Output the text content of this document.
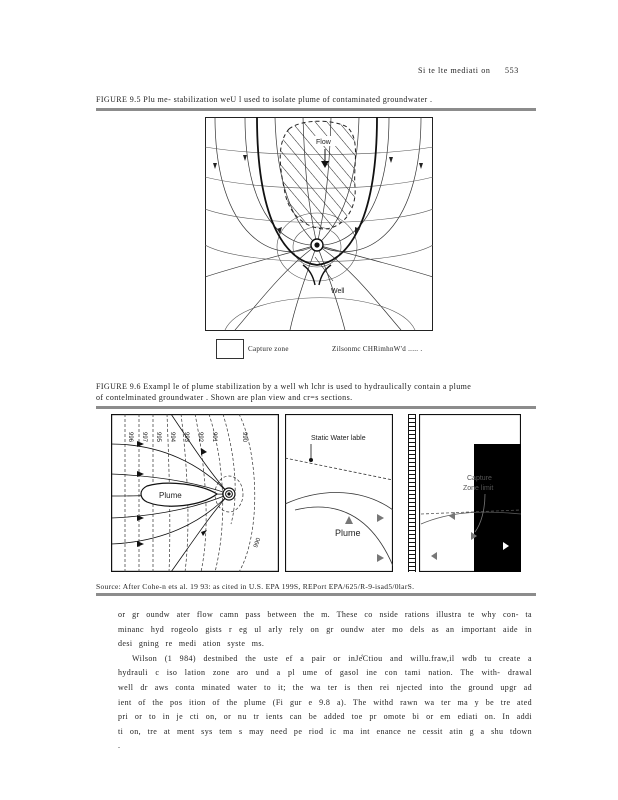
Si te lte mediati on 553
FIGURE 9.5 Plu me- stabilization weU l used to isolate plume of contaminated groundwater .
Flow
Well
Capture zone	Zilsonmc CHRimhnW'd ..... .
FIGURE 9.6 Exampl le of plume stabilization by a well wh lchr is used to hydraulically contain a plume
of contelminated groundwater . Shown are plan view and cr=s sections.
996 997 995 994 993 992 991	990
990
Plume
Static Water lable
Plume
Capture
Zone limit
Source: After Cohe-n ets al. 19 93: as cited in U.S. EPA 199S, REPort EPA/625/R-9-isad5/0larS.

or gr oundw ater flow camn pass between the m. These co nside rations illustra te why con- ta minanc hyd rogeolo gists r eg ul arly rely on gr oundw ater mo dels as an important aide in desi gning re medi ation syste ms.

Wilson (1 984) destnibed the uste ef a pair or inJe̊Ctiou and willu.fraw,il wdb tu create a hydrauli c iso lation zone aro und a pl ume of gasol ine con tami nation. The with- drawal well dr aws conta minated water to it; the wa ter is then rei njected into the ground upgr ad ient of the pos ition of the plume (Fi gur e 9.8 a). The withd rawn wa ter ma y be tre ated pri or to in je cti on, or nu tr ients can be added toe pr omote bi or em ediati on. In addi ti on, tre at ment sys tem s may need pe riod ic ma int enance ne cessit atin g a shu tdown .
